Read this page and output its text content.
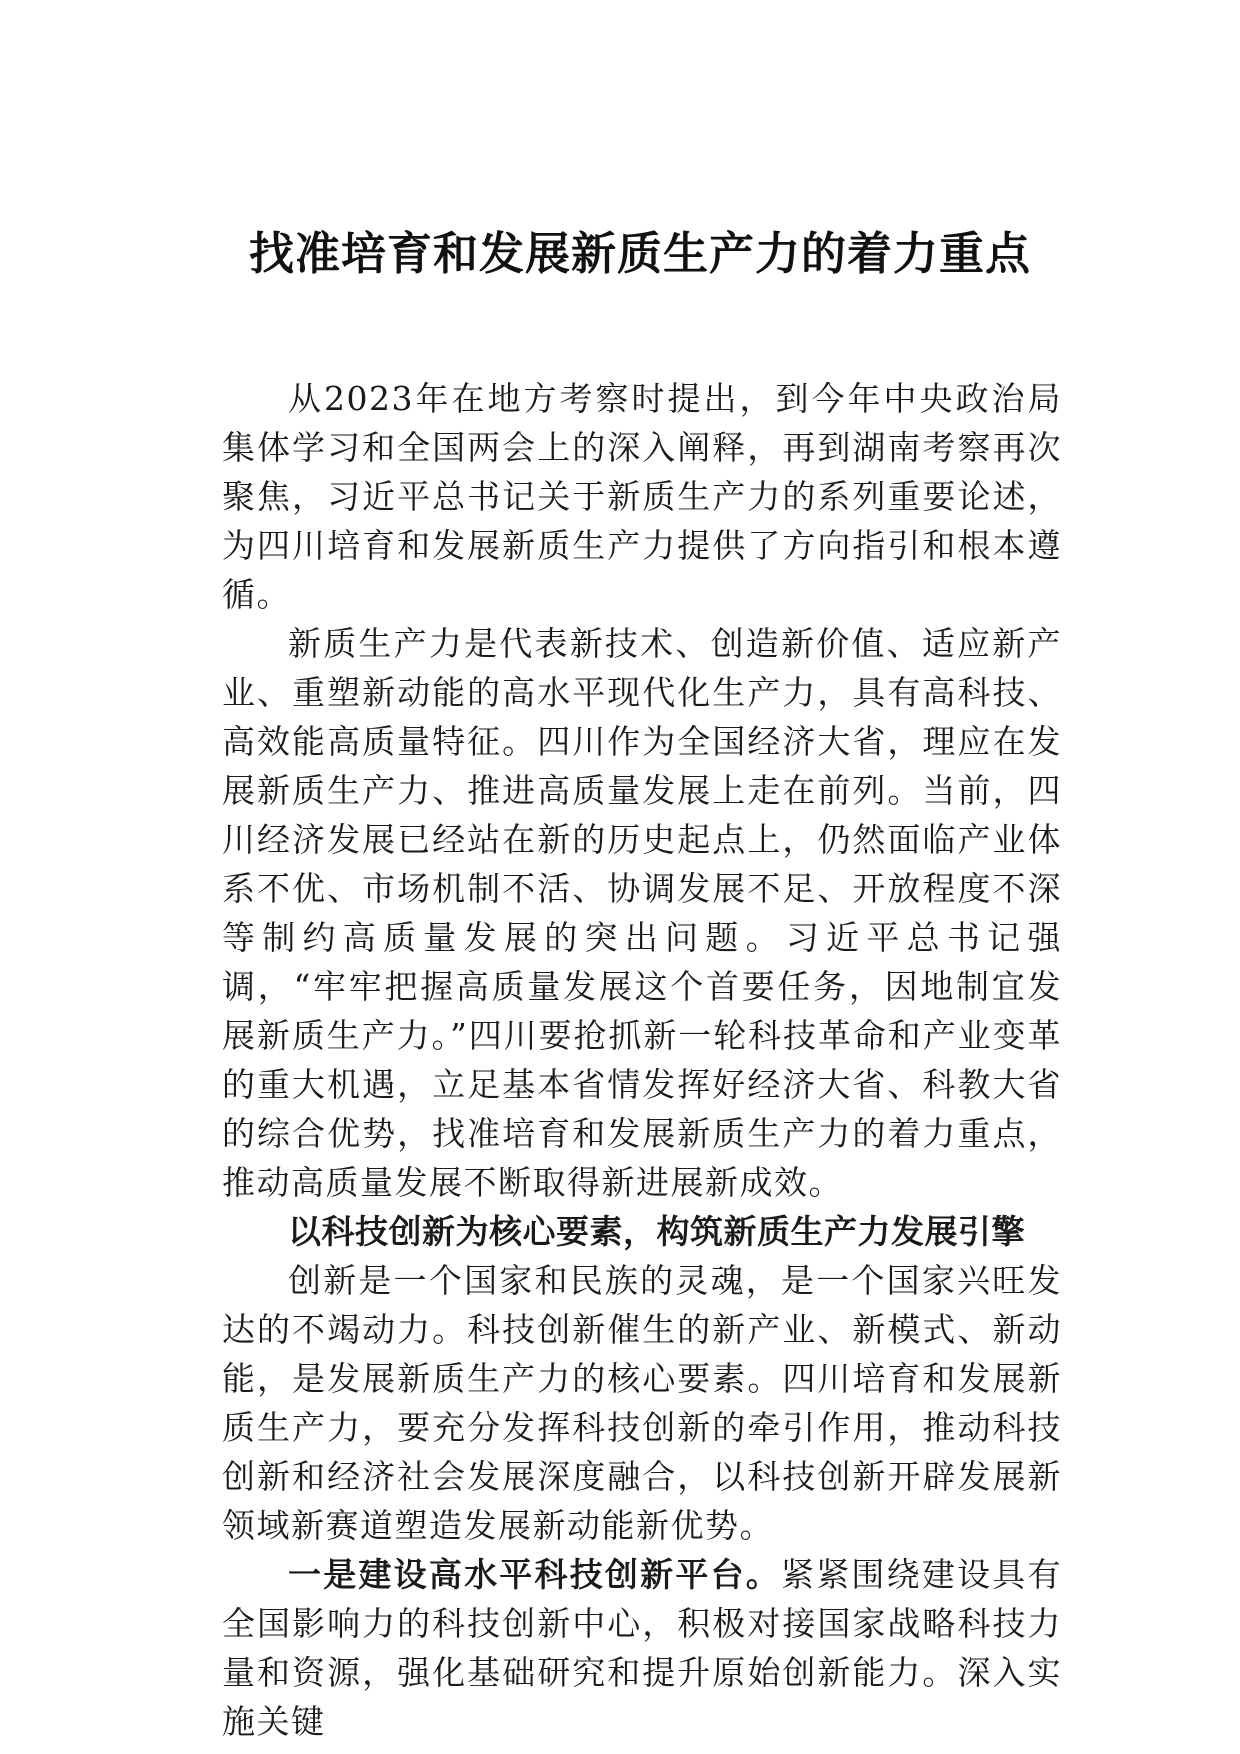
找准培育和发展新质生产力的着力重点

从2023年在地方考察时提出，到今年中央政治局集体学习和全国两会上的深入阐释，再到湖南考察再次聚焦，习近平总书记关于新质生产力的系列重要论述，为四川培育和发展新质生产力提供了方向指引和根本遵循。

新质生产力是代表新技术、创造新价值、适应新产业、重塑新动能的高水平现代化生产力，具有高科技、高效能高质量特征。四川作为全国经济大省，理应在发展新质生产力、推进高质量发展上走在前列。当前，四川经济发展已经站在新的历史起点上，仍然面临产业体系不优、市场机制不活、协调发展不足、开放程度不深等制约高质量发展的突出问题。习近平总书记强调，“牢牢把握高质量发展这个首要任务，因地制宜发展新质生产力。”四川要抢抓新一轮科技革命和产业变革的重大机遇，立足基本省情发挥好经济大省、科教大省的综合优势，找准培育和发展新质生产力的着力重点，推动高质量发展不断取得新进展新成效。

以科技创新为核心要素，构筑新质生产力发展引擎

创新是一个国家和民族的灵魂，是一个国家兴旺发达的不竭动力。科技创新催生的新产业、新模式、新动能，是发展新质生产力的核心要素。四川培育和发展新质生产力，要充分发挥科技创新的牵引作用，推动科技创新和经济社会发展深度融合，以科技创新开辟发展新领域新赛道塑造发展新动能新优势。

一是建设高水平科技创新平台。紧紧围绕建设具有全国影响力的科技创新中心，积极对接国家战略科技力量和资源，强化基础研究和提升原始创新能力。深入实施关键
